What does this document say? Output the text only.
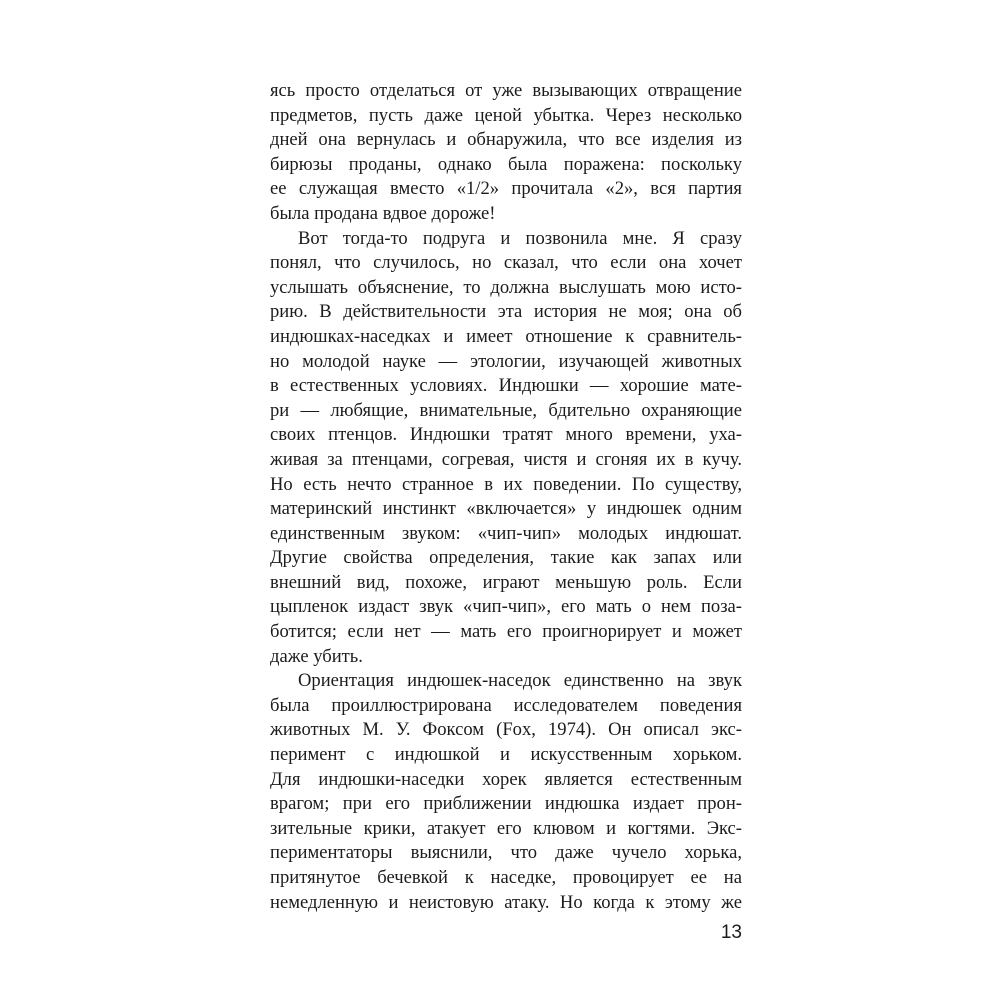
ясь просто отделаться от уже вызывающих отвращение
предметов, пусть даже ценой убытка. Через несколько
дней она вернулась и обнаружила, что все изделия из
бирюзы проданы, однако была поражена: поскольку
ее служащая вместо «1/2» прочитала «2», вся партия
была продана вдвое дороже!
Вот тогда-то подруга и позвонила мне. Я сразу
понял, что случилось, но сказал, что если она хочет
услышать объяснение, то должна выслушать мою исто-
рию. В действительности эта история не моя; она об
индюшках-наседках и имеет отношение к сравнитель-
но молодой науке — этологии, изучающей животных
в естественных условиях. Индюшки — хорошие мате-
ри — любящие, внимательные, бдительно охраняющие
своих птенцов. Индюшки тратят много времени, уха-
живая за птенцами, согревая, чистя и сгоняя их в кучу.
Но есть нечто странное в их поведении. По существу,
материнский инстинкт «включается» у индюшек одним
единственным звуком: «чип-чип» молодых индюшат.
Другие свойства определения, такие как запах или
внешний вид, похоже, играют меньшую роль. Если
цыпленок издаст звук «чип-чип», его мать о нем поза-
ботится; если нет — мать его проигнорирует и может
даже убить.
Ориентация индюшек-наседок единственно на звук
была проиллюстрирована исследователем поведения
животных М. У. Фоксом (Fox, 1974). Он описал экс-
перимент с индюшкой и искусственным хорьком.
Для индюшки-наседки хорек является естественным
врагом; при его приближении индюшка издает прон-
зительные крики, атакует его клювом и когтями. Экс-
периментаторы выяснили, что даже чучело хорька,
притянутое бечевкой к наседке, провоцирует ее на
немедленную и неистовую атаку. Но когда к этому же
13
